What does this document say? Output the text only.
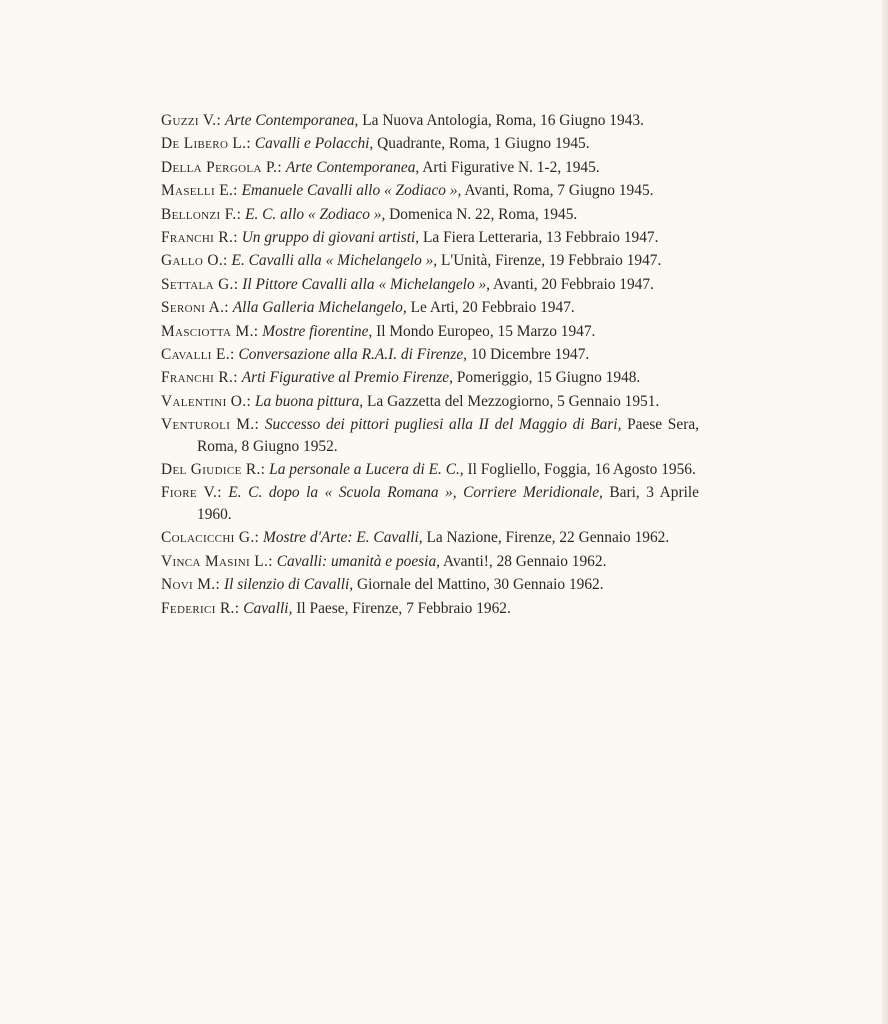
Guzzi V.: Arte Contemporanea, La Nuova Antologia, Roma, 16 Giugno 1943.
De Libero L.: Cavalli e Polacchi, Quadrante, Roma, 1 Giugno 1945.
Della Pergola P.: Arte Contemporanea, Arti Figurative N. 1-2, 1945.
Maselli E.: Emanuele Cavalli allo « Zodiaco », Avanti, Roma, 7 Giugno 1945.
Bellonzi F.: E. C. allo « Zodiaco », Domenica N. 22, Roma, 1945.
Franchi R.: Un gruppo di giovani artisti, La Fiera Letteraria, 13 Febbraio 1947.
Gallo O.: E. Cavalli alla « Michelangelo », L'Unità, Firenze, 19 Febbraio 1947.
Settala G.: Il Pittore Cavalli alla « Michelangelo », Avanti, 20 Febbraio 1947.
Seroni A.: Alla Galleria Michelangelo, Le Arti, 20 Febbraio 1947.
Masciotta M.: Mostre fiorentine, Il Mondo Europeo, 15 Marzo 1947.
Cavalli E.: Conversazione alla R.A.I. di Firenze, 10 Dicembre 1947.
Franchi R.: Arti Figurative al Premio Firenze, Pomeriggio, 15 Giugno 1948.
Valentini O.: La buona pittura, La Gazzetta del Mezzogiorno, 5 Gennaio 1951.
Venturoli M.: Successo dei pittori pugliesi alla II del Maggio di Bari, Paese Sera, Roma, 8 Giugno 1952.
Del Giudice R.: La personale a Lucera di E. C., Il Fogliello, Foggia, 16 Agosto 1956.
Fiore V.: E. C. dopo la « Scuola Romana », Corriere Meridionale, Bari, 3 Aprile 1960.
Colacicchi G.: Mostre d'Arte: E. Cavalli, La Nazione, Firenze, 22 Gennaio 1962.
Vinca Masini L.: Cavalli: umanità e poesia, Avanti!, 28 Gennaio 1962.
Novi M.: Il silenzio di Cavalli, Giornale del Mattino, 30 Gennaio 1962.
Federici R.: Cavalli, Il Paese, Firenze, 7 Febbraio 1962.
